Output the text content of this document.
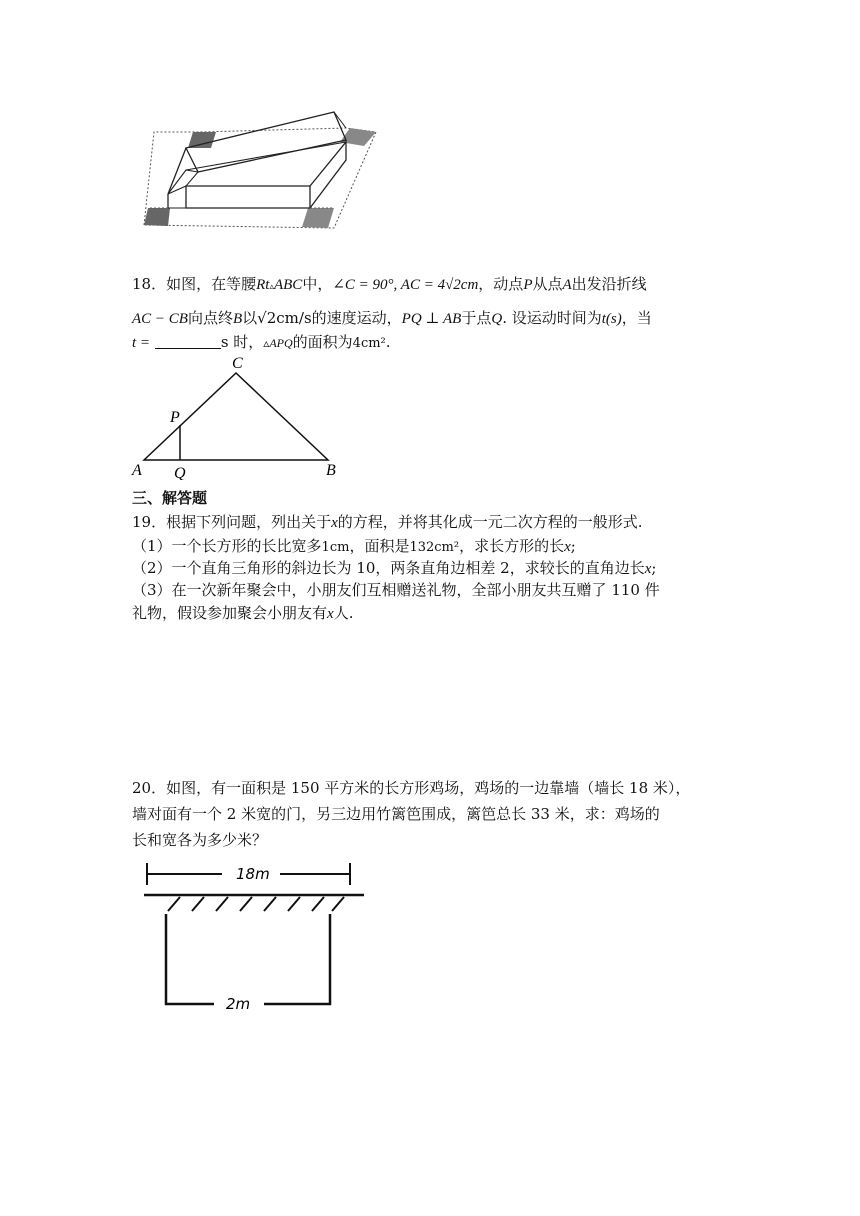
18．如图，在等腰Rt▵ABC中，∠C = 90°, AC = 4√2cm，动点P从点A出发沿折线
AC − CB向点终B以√2cm/s的速度运动，PQ ⊥ AB于点Q. 设运动时间为t(s)，当
t =	s 时，▵APQ的面积为4cm².
C
P
A Q	B
三、解答题
19．根据下列问题，列出关于x的方程，并将其化成一元二次方程的一般形式.
（1）一个长方形的长比宽多1cm，面积是132cm²，求长方形的长x;
（2）一个直角三角形的斜边长为 10，两条直角边相差 2，求较长的直角边长x;
（3）在一次新年聚会中，小朋友们互相赠送礼物，全部小朋友共互赠了 110 件
礼物，假设参加聚会小朋友有x人.
20．如图，有一面积是 150 平方米的长方形鸡场，鸡场的一边靠墙（墙长 18 米），
墙对面有一个 2 米宽的门，另三边用竹篱笆围成，篱笆总长 33 米，求：鸡场的
长和宽各为多少米？
18m
2m
